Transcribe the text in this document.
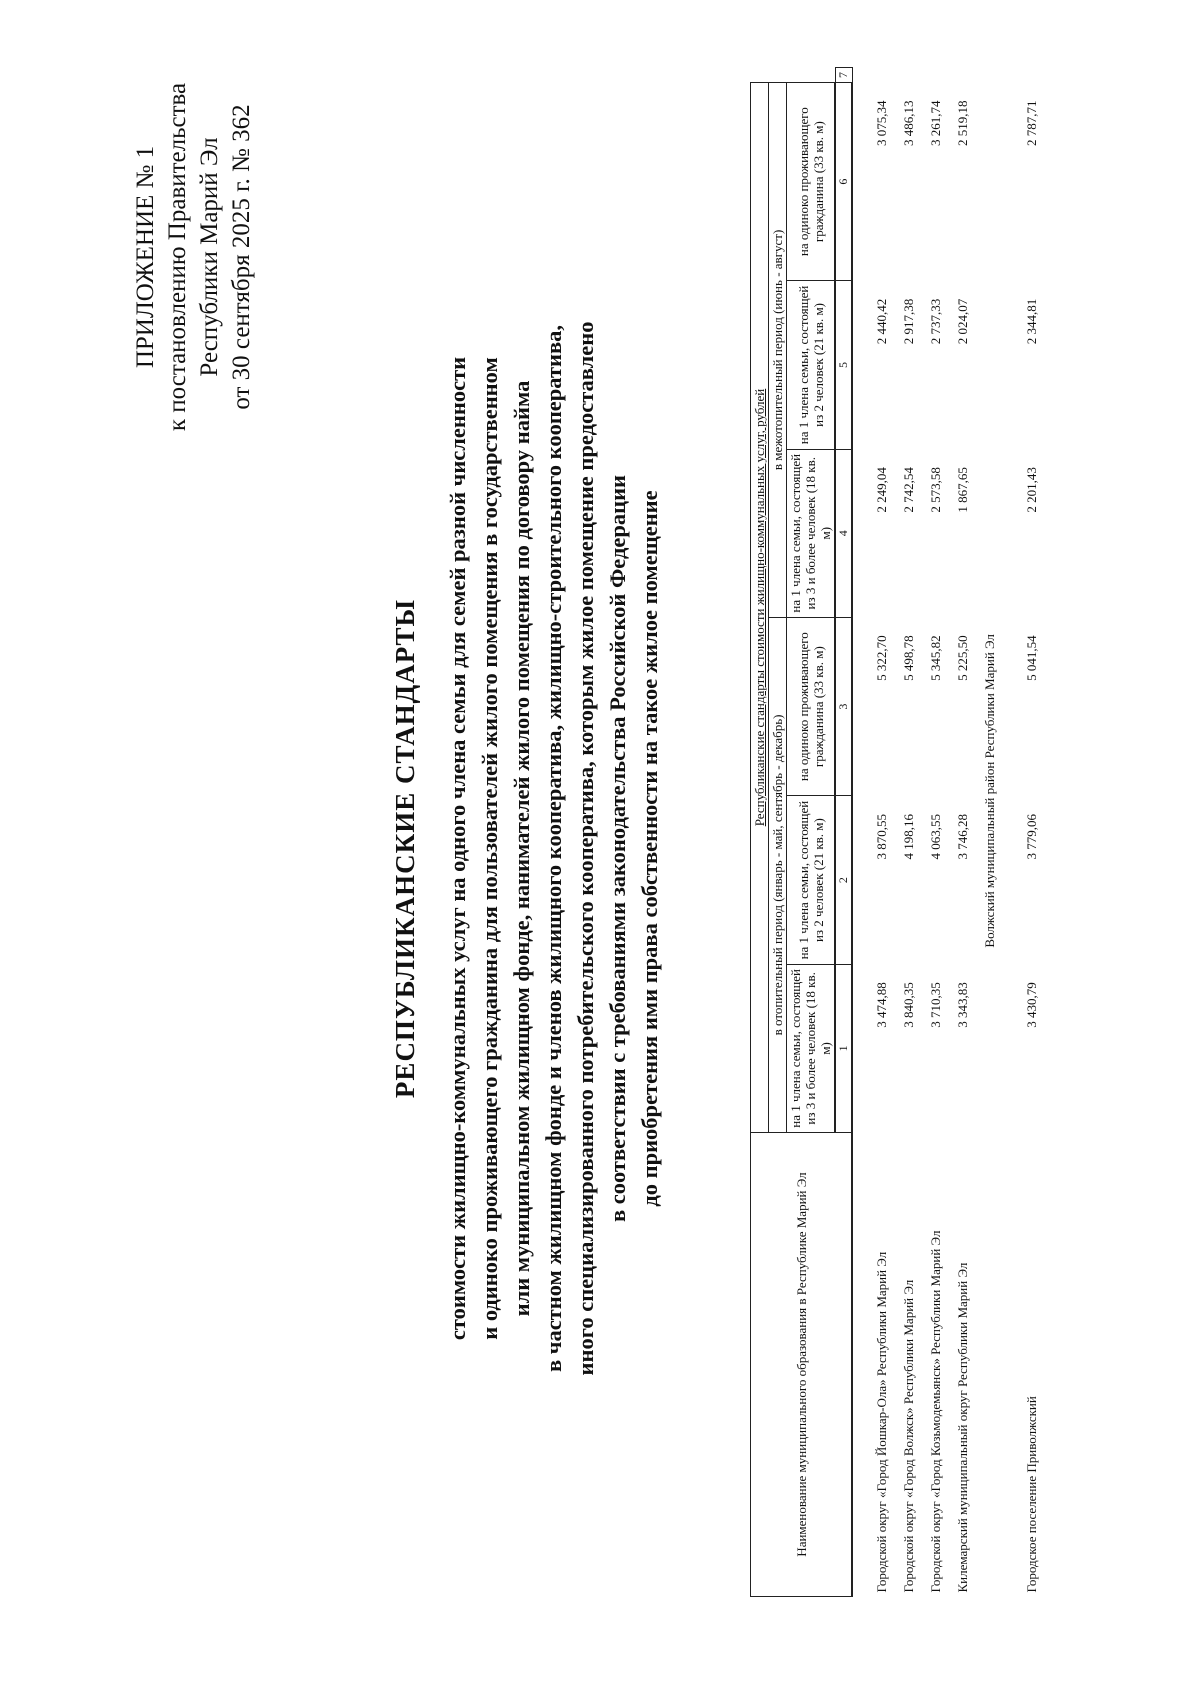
ПРИЛОЖЕНИЕ № 1 к постановлению Правительства Республики Марий Эл от 30 сентября 2025 г. № 362
РЕСПУБЛИКАНСКИЕ СТАНДАРТЫ стоимости жилищно-коммунальных услуг на одного члена семьи для семей разной численности и одиноко проживающего гражданина для пользователей жилого помещения в государственном или муниципальном жилищном фонде, нанимателей жилого помещения по договору найма в частном жилищном фонде и членов жилищного кооператива, жилищно-строительного кооператива, иного специализированного потребительского кооператива, которым жилое помещение предоставлено в соответствии с требованиями законодательства Российской Федерации до приобретения ими права собственности на такое жилое помещение
Наименование муниципального образования в Республике Марий Эл	Республиканские стандарты стоимости жилищно-коммунальных услуг, рублей						
	в отопительный период (январь - май, сентябрь - декабрь)			в межотопительный период (июнь - август)			
	на 1 члена семьи, состоящей из 3 и более человек (18 кв. м)	на 1 члена семьи, состоящей из 2 человек (21 кв. м)	на одиноко проживающего гражданина (33 кв. м)	на 1 члена семьи, состоящей из 3 и более человек (18 кв. м)	на 1 члена семьи, состоящей из 2 человек (21 кв. м)	на одиноко проживающего гражданина (33 кв. м)	
	1	2	3	4	5	6	7

Городской округ «Город Йошкар-Ола» Республики Марий Эл	3 474,88	3 870,55	5 322,70	2 249,04	2 440,42	3 075,34	
Городской округ «Город Волжск» Республики Марий Эл	3 840,35	4 198,16	5 498,78	2 742,54	2 917,38	3 486,13	
Городской округ «Город Козьмодемьянск» Республики Марий Эл	3 710,35	4 063,55	5 345,82	2 573,58	2 737,33	3 261,74	
Килемарский муниципальный округ Республики Марий Эл	3 343,83	3 746,28	5 225,50	1 867,65	2 024,07	2 519,18	
	Волжский муниципальный район Республики Марий Эл						
Городское поселение Приволжский	3 430,79	3 779,06	5 041,54	2 201,43	2 344,81	2 787,71	
